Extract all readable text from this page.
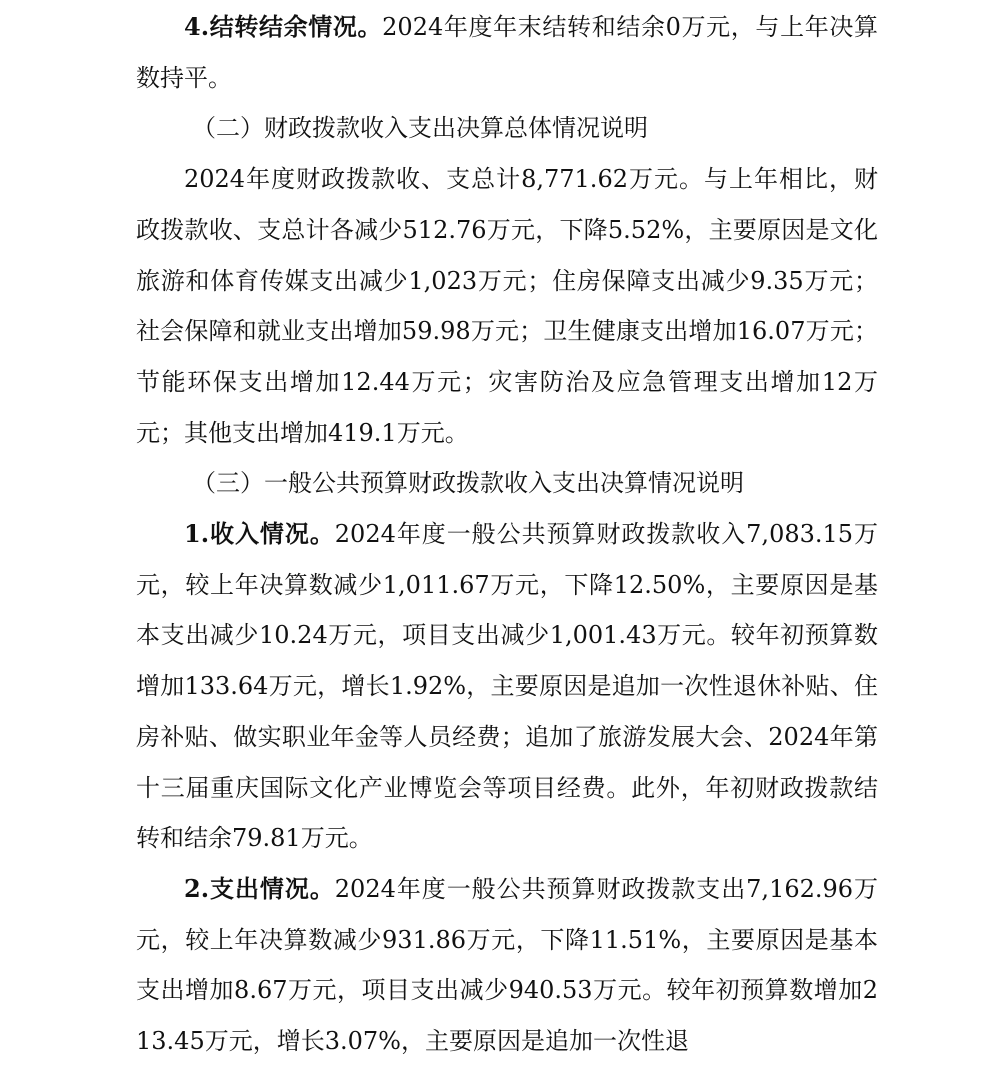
4.结转结余情况。2024年度年末结转和结余0万元，与上年决算数持平。

（二）财政拨款收入支出决算总体情况说明

2024年度财政拨款收、支总计8,771.62万元。与上年相比，财政拨款收、支总计各减少512.76万元，下降5.52%，主要原因是文化旅游和体育传媒支出减少1,023万元；住房保障支出减少9.35万元；社会保障和就业支出增加59.98万元；卫生健康支出增加16.07万元；节能环保支出增加12.44万元；灾害防治及应急管理支出增加12万元；其他支出增加419.1万元。

（三）一般公共预算财政拨款收入支出决算情况说明

1.收入情况。2024年度一般公共预算财政拨款收入7,083.15万元，较上年决算数减少1,011.67万元，下降12.50%，主要原因是基本支出减少10.24万元，项目支出减少1,001.43万元。较年初预算数增加133.64万元，增长1.92%，主要原因是追加一次性退休补贴、住房补贴、做实职业年金等人员经费；追加了旅游发展大会、2024年第十三届重庆国际文化产业博览会等项目经费。此外，年初财政拨款结转和结余79.81万元。

2.支出情况。2024年度一般公共预算财政拨款支出7,162.96万元，较上年决算数减少931.86万元，下降11.51%，主要原因是基本支出增加8.67万元，项目支出减少940.53万元。较年初预算数增加213.45万元，增长3.07%，主要原因是追加一次性退
